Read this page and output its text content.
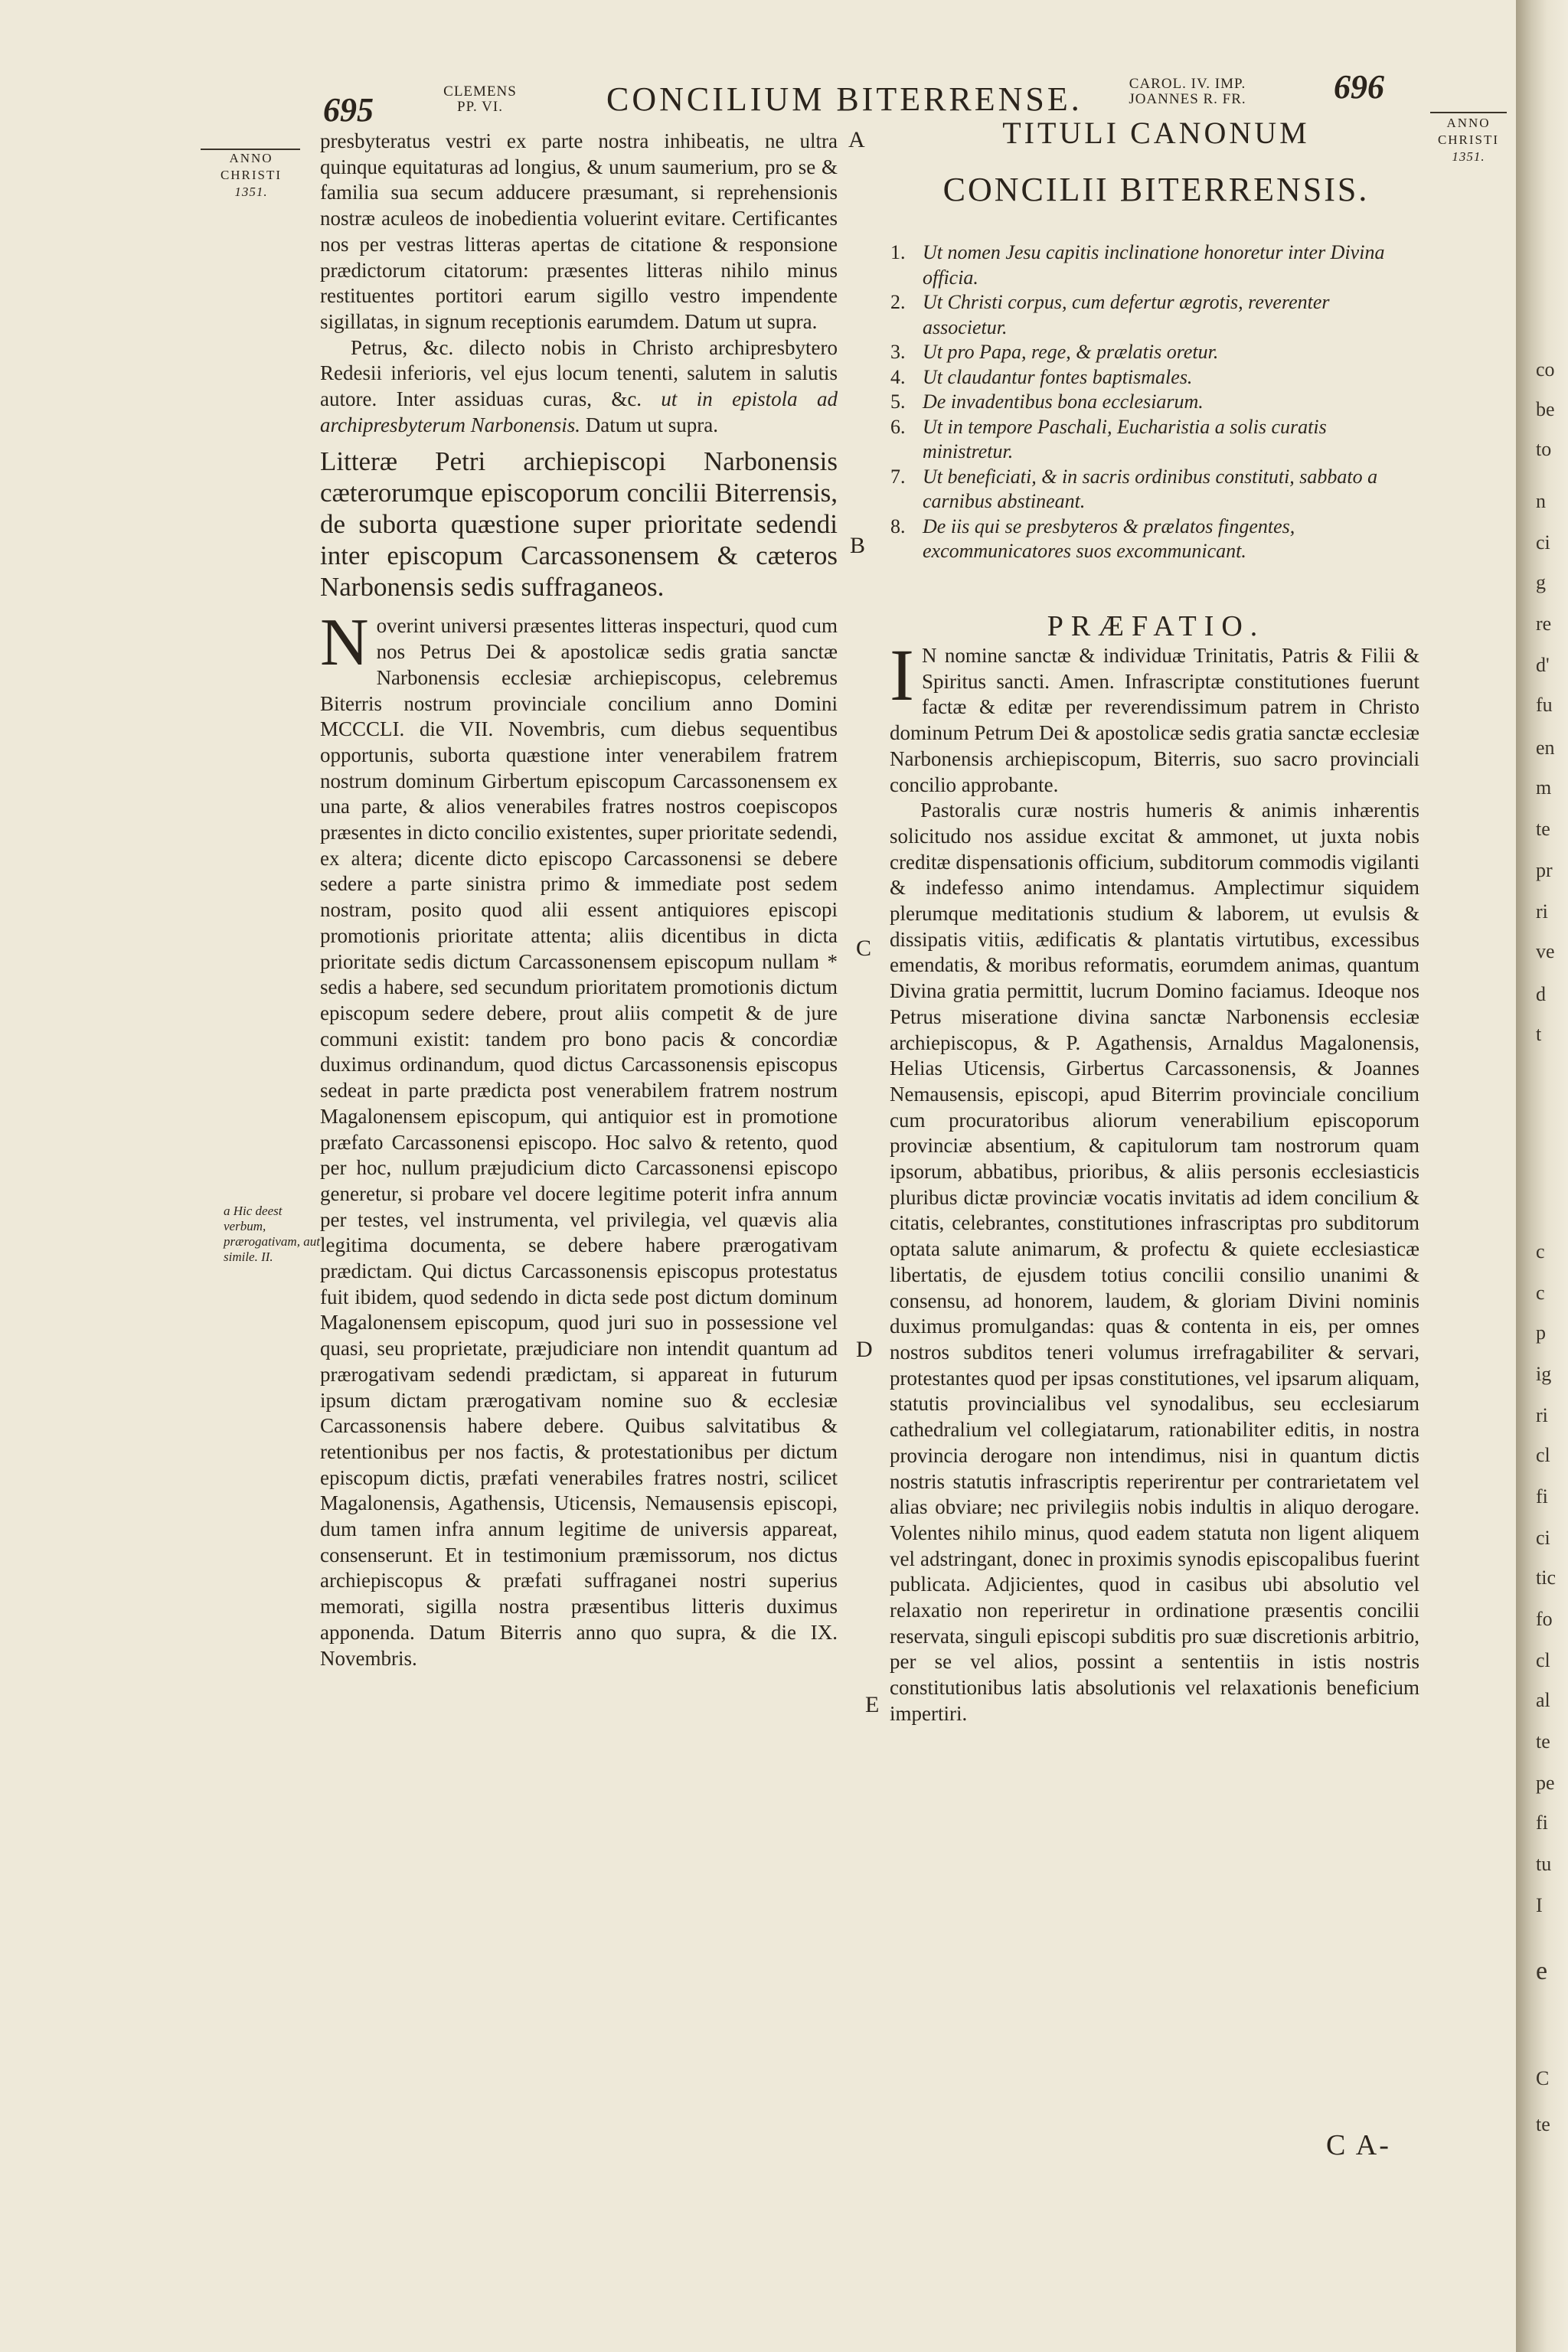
695	CLEMENS
PP. VI.	CONCILIUM BITERRENSE.	CAROL. IV. IMP.
JOANNES R. FR.	696
ANNO
CHRISTI
1351.
ANNO
CHRISTI
1351.
A
B
C
D
E
a Hic deest verbum, prærogativam, aut simile. II.

presbyteratus vestri ex parte nostra inhibeatis, ne ultra quinque equitaturas ad longius, & unum saumerium, pro se & familia sua secum adducere præsumant, si reprehensionis nostræ aculeos de inobedientia voluerint evitare. Certificantes nos per vestras litteras apertas de citatione & responsione prædictorum citatorum: præsentes litteras nihilo minus restituentes portitori earum sigillo vestro impendente sigillatas, in signum receptionis earumdem. Datum ut supra.

Petrus, &c. dilecto nobis in Christo archipresbytero Redesii inferioris, vel ejus locum tenenti, salutem in salutis autore. Inter assiduas curas, &c. ut in epistola ad archipresbyterum Narbonensis. Datum ut supra.

Litteræ Petri archiepiscopi Narbonensis cæterorumque episcoporum concilii Biterrensis, de suborta quæstione super prioritate sedendi inter episcopum Carcassonensem & cæteros Narbonensis sedis suffraganeos.

Noverint universi præsentes litteras inspecturi, quod cum nos Petrus Dei & apostolicæ sedis gratia sanctæ Narbonensis ecclesiæ archiepiscopus, celebremus Biterris nostrum provinciale concilium anno Domini MCCCLI. die VII. Novembris, cum diebus sequentibus opportunis, suborta quæstione inter venerabilem fratrem nostrum dominum Girbertum episcopum Carcassonensem ex una parte, & alios venerabiles fratres nostros coepiscopos præsentes in dicto concilio existentes, super prioritate sedendi, ex altera; dicente dicto episcopo Carcassonensi se debere sedere a parte sinistra primo & immediate post sedem nostram, posito quod alii essent antiquiores episcopi promotionis prioritate attenta; aliis dicentibus in dicta prioritate sedis dictum Carcassonensem episcopum nullam * sedis a habere, sed secundum prioritatem promotionis dictum episcopum sedere debere, prout aliis competit & de jure communi existit: tandem pro bono pacis & concordiæ duximus ordinandum, quod dictus Carcassonensis episcopus sedeat in parte prædicta post venerabilem fratrem nostrum Magalonensem episcopum, qui antiquior est in promotione præfato Carcassonensi episcopo. Hoc salvo & retento, quod per hoc, nullum præjudicium dicto Carcassonensi episcopo generetur, si probare vel docere legitime poterit infra annum per testes, vel instrumenta, vel privilegia, vel quævis alia legitima documenta, se debere habere prærogativam prædictam. Qui dictus Carcassonensis episcopus protestatus fuit ibidem, quod sedendo in dicta sede post dictum dominum Magalonensem episcopum, quod juri suo in possessione vel quasi, seu proprietate, præjudiciare non intendit quantum ad prærogativam sedendi prædictam, si appareat in futurum ipsum dictam prærogativam nomine suo & ecclesiæ Carcassonensis habere debere. Quibus salvitatibus & retentionibus per nos factis, & protestationibus per dictum episcopum dictis, præfati venerabiles fratres nostri, scilicet Magalonensis, Agathensis, Uticensis, Nemausensis episcopi, dum tamen infra annum legitime de universis appareat, consenserunt. Et in testimonium præmissorum, nos dictus archiepiscopus & præfati suffraganei nostri superius memorati, sigilla nostra præsentibus litteris duximus apponenda. Datum Biterris anno quo supra, & die IX. Novembris.

TITULI CANONUM
CONCILII BITERRENSIS.
1. Ut nomen Jesu capitis inclinatione honoretur inter Divina officia.
2. Ut Christi corpus, cum defertur ægrotis, reverenter associetur.
3. Ut pro Papa, rege, & prælatis oretur.
4. Ut claudantur fontes baptismales.
5. De invadentibus bona ecclesiarum.
6. Ut in tempore Paschali, Eucharistia a solis curatis ministretur.
7. Ut beneficiati, & in sacris ordinibus constituti, sabbato a carnibus abstineant.
8. De iis qui se presbyteros & prælatos fingentes, excommunicatores suos excommunicant.
PRÆFATIO.

I N nomine sanctæ & individuæ Trinitatis, Patris & Filii & Spiritus sancti. Amen. Infrascriptæ constitutiones fuerunt factæ & editæ per reverendissimum patrem in Christo dominum Petrum Dei & apostolicæ sedis gratia sanctæ ecclesiæ Narbonensis archiepiscopum, Biterris, suo sacro provinciali concilio approbante.

Pastoralis curæ nostris humeris & animis inhærentis solicitudo nos assidue excitat & ammonet, ut juxta nobis creditæ dispensationis officium, subditorum commodis vigilanti & indefesso animo intendamus. Amplectimur siquidem plerumque meditationis studium & laborem, ut evulsis & dissipatis vitiis, ædificatis & plantatis virtutibus, excessibus emendatis, & moribus reformatis, eorumdem animas, quantum Divina gratia permittit, lucrum Domino faciamus. Ideoque nos Petrus miseratione divina sanctæ Narbonensis ecclesiæ archiepiscopus, & P. Agathensis, Arnaldus Magalonensis, Helias Uticensis, Girbertus Carcassonensis, & Joannes Nemausensis, episcopi, apud Biterrim provinciale concilium cum procuratoribus aliorum venerabilium episcoporum provinciæ absentium, & capitulorum tam nostrorum quam ipsorum, abbatibus, prioribus, & aliis personis ecclesiasticis pluribus dictæ provinciæ vocatis invitatis ad idem concilium & citatis, celebrantes, constitutiones infrascriptas pro subditorum optata salute animarum, & profectu & quiete ecclesiasticæ libertatis, de ejusdem totius concilii consilio unanimi & consensu, ad honorem, laudem, & gloriam Divini nominis duximus promulgandas: quas & contenta in eis, per omnes nostros subditos teneri volumus irrefragabiliter & servari, protestantes quod per ipsas constitutiones, vel ipsarum aliquam, statutis provincialibus vel synodalibus, seu ecclesiarum cathedralium vel collegiatarum, rationabiliter editis, in nostra provincia derogare non intendimus, nisi in quantum dictis nostris statutis infrascriptis reperirentur per contrarietatem vel alias obviare; nec privilegiis nobis indultis in aliquo derogare. Volentes nihilo minus, quod eadem statuta non ligent aliquem vel adstringant, donec in proximis synodis episcopalibus fuerint publicata. Adjicientes, quod in casibus ubi absolutio vel relaxatio non reperiretur in ordinatione præsentis concilii reservata, singuli episcopi subditis pro suæ discretionis arbitrio, per se vel alios, possint a sententiis in istis nostris constitutionibus latis absolutionis vel relaxationis beneficium impertiri.

C A-
co
be
to
n
ci
g
re
d'
fu
en
m
te
pr
ri
ve
d
t
c
c
p
ig
ri
cl
fi
ci
tic
fo
cl
al
te
pe
fi
tu
I
e
C
te
